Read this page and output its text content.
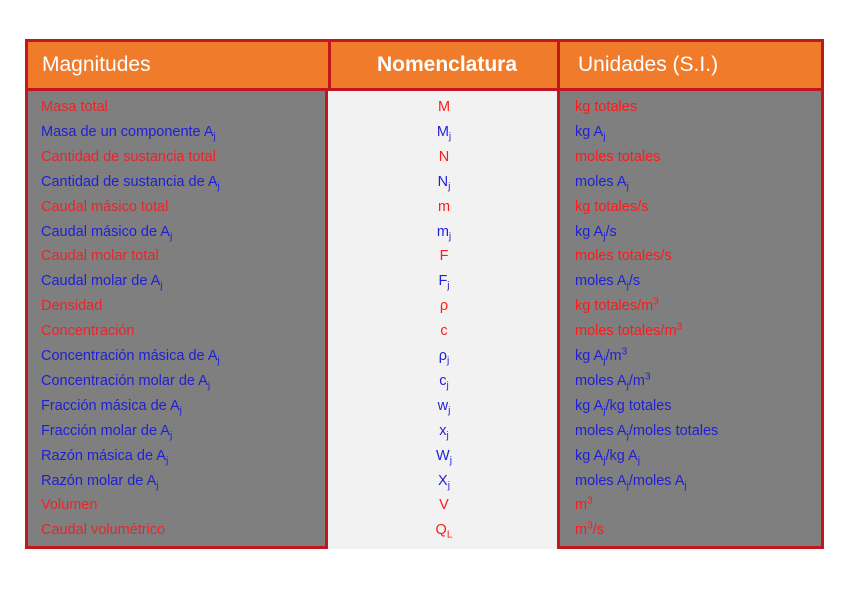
Magnitudes	Nomenclatura	Unidades (S.I.)
Masa total	M	kg totales
Masa de un componente $A_j$	$M_j$	kg $A_j$
Cantidad de sustancia total	N	moles totales
Cantidad de sustancia de $A_j$	$N_j$	moles $A_j$
Caudal másico total	m	kg totales/s
Caudal másico de $A_j$	$m_j$	kg $A_j/s$
Caudal molar total	F	moles totales/s
Caudal molar de $A_j$	$F_j$	moles $A_j/s$
Densidad	ρ	kg totales/$m^3$
Concentración	c	moles totales/$m^3$
Concentración másica de $A_j$	$\rho_j$	kg $A_j/m^3$
Concentración molar de $A_j$	$c_j$	moles $A_j/m^3$
Fracción másica de $A_j$	$w_j$	kg $A_j/kg$ totales
Fracción molar de $A_j$	$x_j$	moles $A_j$/moles totales
Razón másica de $A_j$	$W_j$	kg $A_j/kg$ $A_j$
Razón molar de $A_j$	$X_j$	moles $A_j$/moles $A_j$
Volumen	V	$m^3$
Caudal volumétrico	$Q_L$	$m^3/s$
